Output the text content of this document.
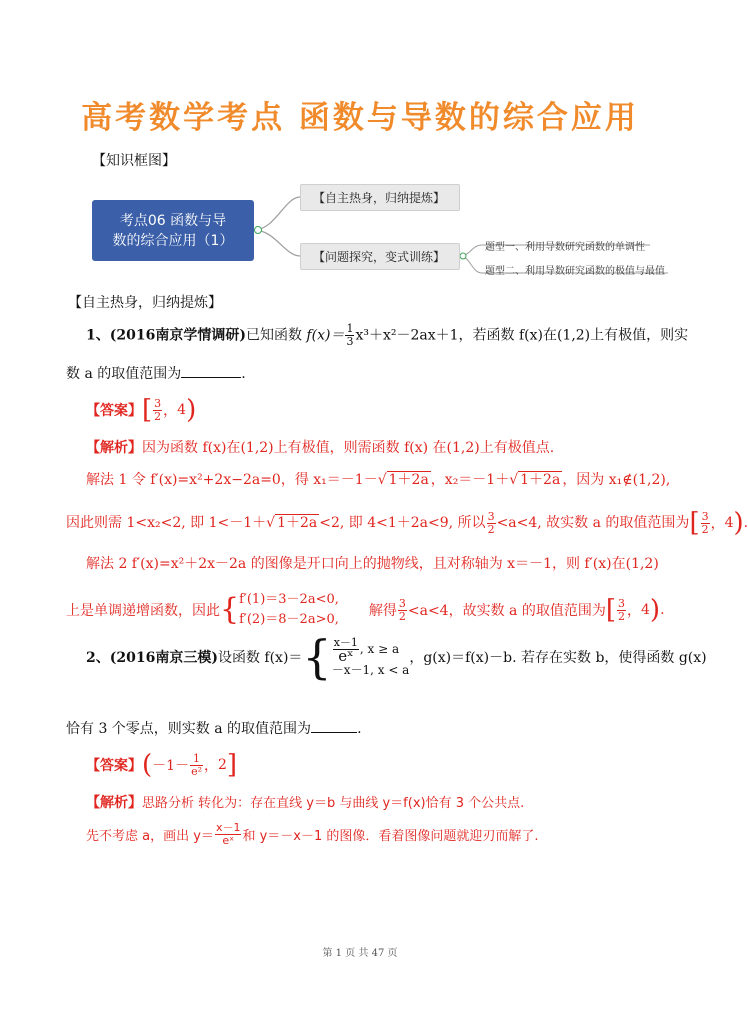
高考数学考点 函数与导数的综合应用
【知识框图】
考点06 函数与导
数的综合应用（1）
【自主热身，归纳提炼】
【问题探究，变式训练】
题型一、利用导数研究函数的单调性
题型二、利用导数研究函数的极值与最值
【自主热身，归纳提炼】
1、(2016南京学情调研)已知函数 $f(x)= \frac{1}{3} x^3+x^2-2ax+1$，若函数 f(x)在(1,2)上有极值，则实
数 a 的取值范围为	.
【答案】[ $\frac{3}{2}$ ，4)
【解析】因为函数 f(x)在(1,2)上有极值，则需函数 f(x) 在(1,2)上有极值点.
解法 1 令 f′(x)=x²+2x−2a=0，得 x₁＝－1－√ 1＋2a ，x₂＝－1＋√ 1＋2a ，因为 x₁∉(1,2),
因此则需 1<x₂<2, 即 1<－1＋√ 1＋2a <2, 即 4<1＋2a<9, 所以 $\frac{3}{2} <a<4$, 故实数 a 的取值范围为[ $\frac{3}{2}$ ，4).
解法 2 f′(x)=x²＋2x－2a 的图像是开口向上的抛物线，且对称轴为 x＝－1，则 f′(x)在(1,2)
上是单调递增函数，因此{ f′(1)＝3－2a<0,
f′(2)＝8－2a>0,
解得 $\frac{3}{2} <a<4$，故实数 a 的取值范围为[ $\frac{3}{2}$ ，4).
2、(2016南京三模)设函数 $f(x)=\{ \frac{x-1}{\text{eˣ}}$ , x ≥ a
－x－1, x < a
，g(x)＝f(x)－b. 若存在实数 b，使得函数 g(x)
恰有 3 个零点，则实数 a 的取值范围为	.
【答案】($-1- \frac{1}{\text{e²}}$ ，2]
【解析】思路分析 转化为：存在直线 y＝b 与曲线 y＝f(x)恰有 3 个公共点.
先不考虑 a，画出 $y= \frac{x-1}{\text{eˣ}}$ 和 y＝－x－1 的图像．看着图像问题就迎刃而解了.
第 1 页 共 47 页
